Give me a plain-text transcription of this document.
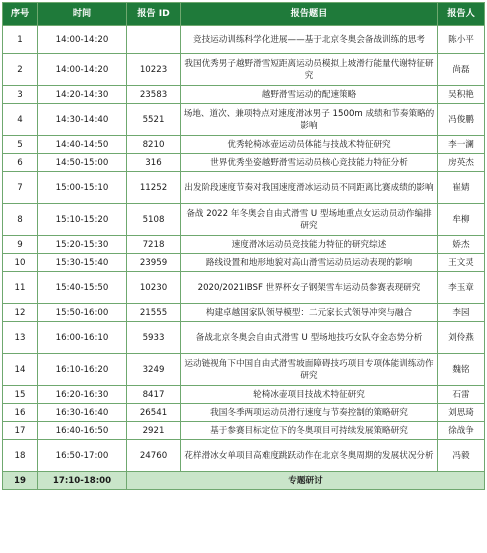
序号	时间	报告 ID	报告题目	报告人
1	14:00-14:20		竞技运动训练科学化进展——基于北京冬奥会备战训练的思考	陈小平
2	14:00-14:20	10223	我国优秀男子越野滑雪短距离运动员模拟上坡滑行能量代谢特征研究	尚磊
3	14:20-14:30	23583	越野滑雪运动的配速策略	吴积艳
4	14:30-14:40	5521	场地、道次、兼项特点对速度滑冰男子 1500m 成绩和节奏策略的影响	冯俊鹏
5	14:40-14:50	8210	优秀轮椅冰壶运动员体能与技战术特征研究	李一澜
6	14:50-15:00	316	世界优秀坐姿越野滑雪运动员核心竞技能力特征分析	房英杰
7	15:00-15:10	11252	出发阶段速度节奏对我国速度滑冰运动员不同距离比赛成绩的影响	崔婧
8	15:10-15:20	5108	备战 2022 年冬奥会自由式滑雪 U 型场地重点女运动员动作编排研究	牟柳
9	15:20-15:30	7218	速度滑冰运动员竞技能力特征的研究综述	娇杰
10	15:30-15:40	23959	路线设置和地形地貌对高山滑雪运动员运动表现的影响	王文灵
11	15:40-15:50	10230	2020/2021IBSF 世界杯女子钢架雪车运动员参赛表现研究	李玉章
12	15:50-16:00	21555	构建卓越国家队领导模型：二元家长式领导冲突与融合	李园
13	16:00-16:10	5933	备战北京冬奥会自由式滑雪 U 型场地技巧女队夺金态势分析	刘伶燕
14	16:10-16:20	3249	运动链视角下中国自由式滑雪坡面障碍技巧项目专项体能训练动作研究	魏铭
15	16:20-16:30	8417	轮椅冰壶项目技战术特征研究	石雷
16	16:30-16:40	26541	我国冬季两项运动员滑行速度与节奏控制的策略研究	刘思琦
17	16:40-16:50	2921	基于参赛目标定位下的冬奥项目可持续发展策略研究	徐战争
18	16:50-17:00	24760	花样滑冰女单项目高难度跳跃动作在北京冬奥周期的发展状况分析	冯毅
19	17:10-18:00	专题研讨		
